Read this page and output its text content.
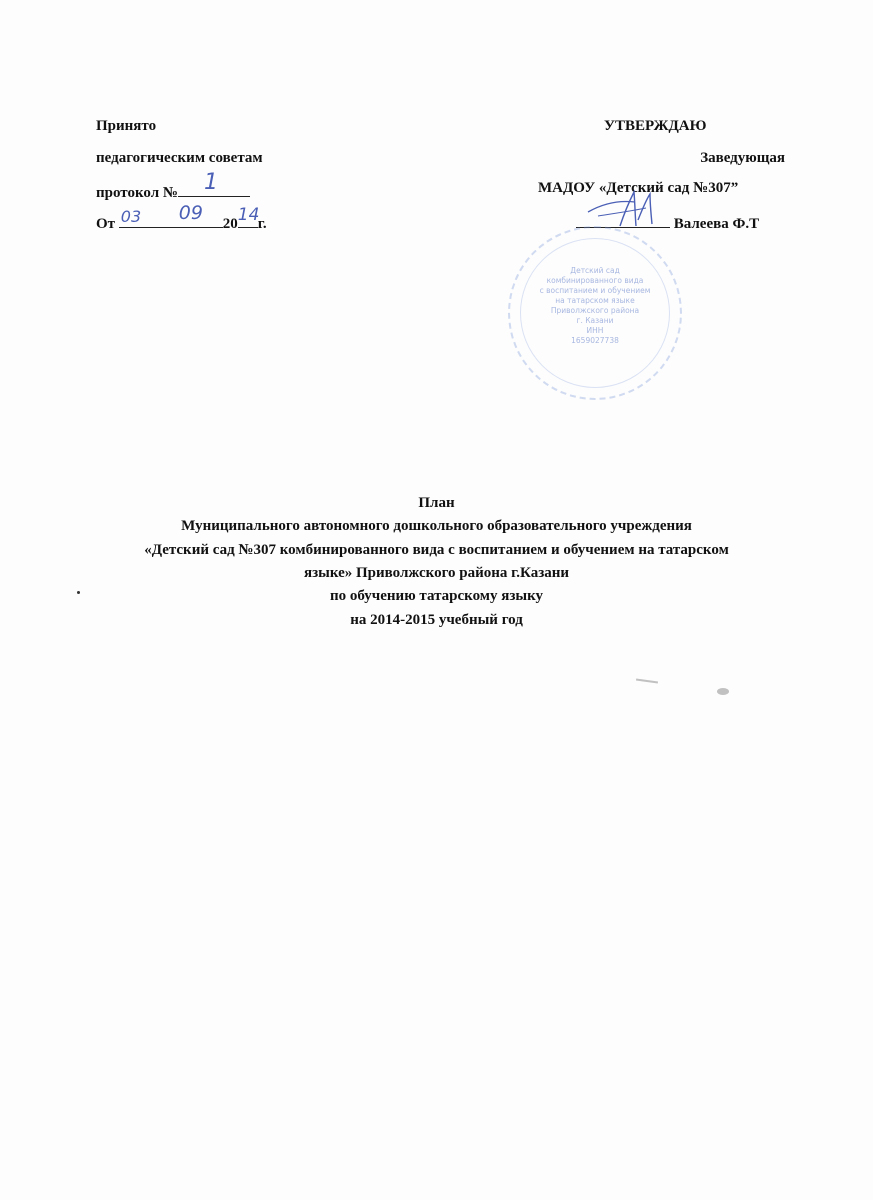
Принято
педагогическим советам
протокол № 1
От 03 09 20 14
г.
УТВЕРЖДАЮ
Заведующая
МАДОУ «Детский сад №307”
Валеева Ф.Т
Детский сад
комбинированного вида
с воспитанием и обучением
на татарском языке
Приволжского района
г. Казани
ИНН
1659027738
План
Муниципального автономного дошкольного образовательного учреждения
«Детский сад №307 комбинированного вида с воспитанием и обучением на татарском
языке» Приволжского района г.Казани
по обучению татарскому языку
на 2014-2015 учебный год
